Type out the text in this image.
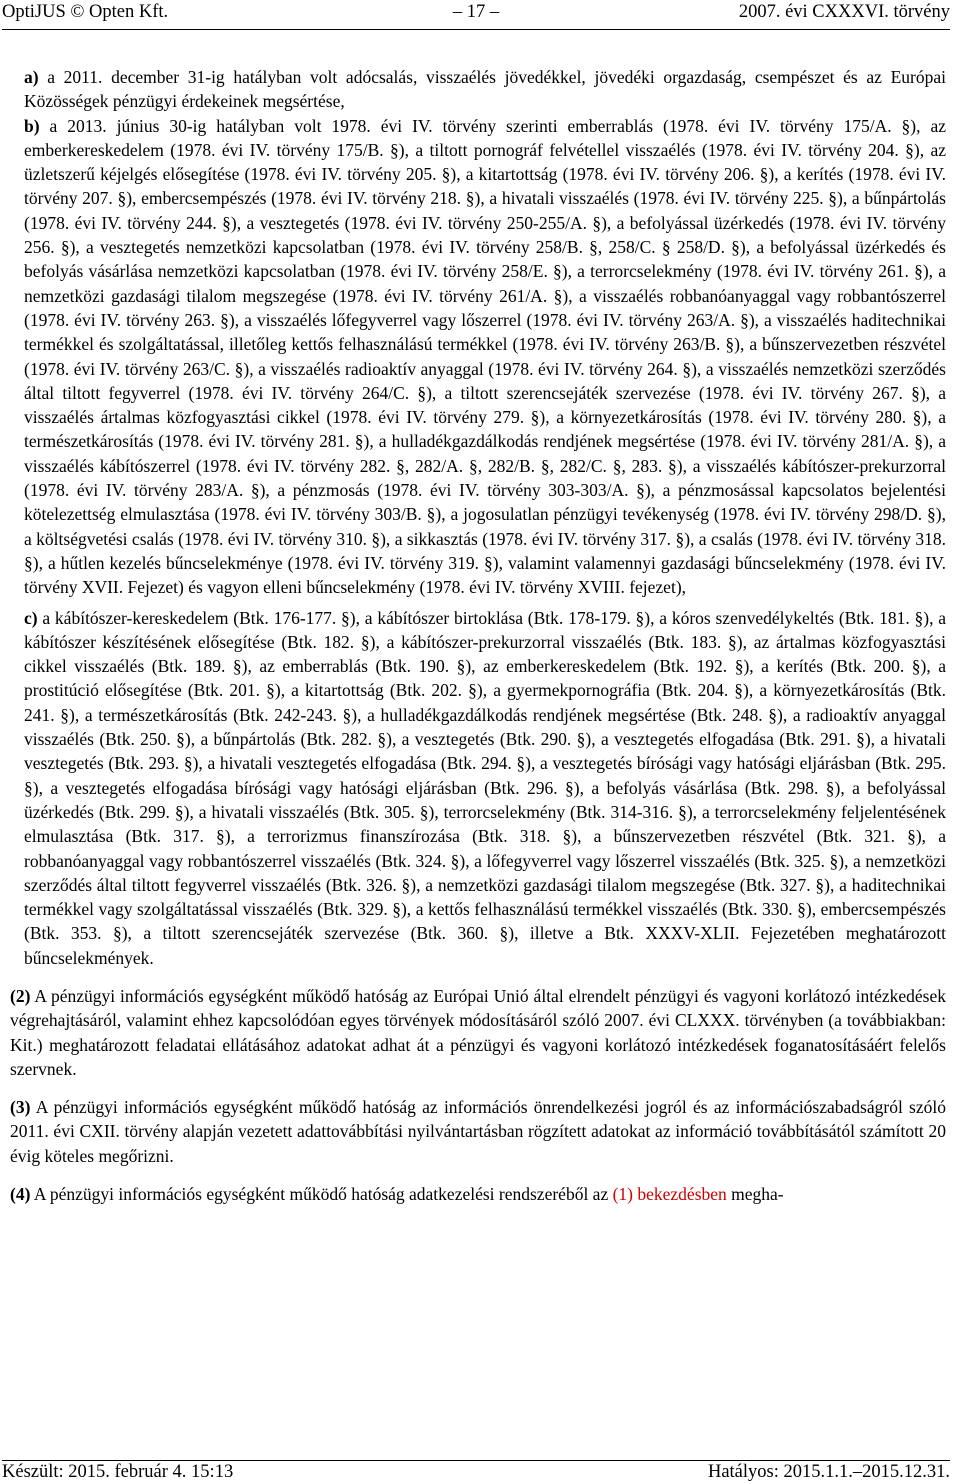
OptiJUS © Opten Kft.	– 17 –	2007. évi CXXXVI. törvény
a) a 2011. december 31-ig hatályban volt adócsalás, visszaélés jövedékkel, jövedéki orgazdaság, csempészet és az Európai Közösségek pénzügyi érdekeinek megsértése,
b) a 2013. június 30-ig hatályban volt 1978. évi IV. törvény szerinti emberrablás (1978. évi IV. törvény 175/A. §), az emberkereskedelem (1978. évi IV. törvény 175/B. §), a tiltott pornográf felvétellel visszaélés (1978. évi IV. törvény 204. §), az üzletszerű kéjelgés elősegítése (1978. évi IV. törvény 205. §), a kitartottság (1978. évi IV. törvény 206. §), a kerítés (1978. évi IV. törvény 207. §), embercsempészés (1978. évi IV. törvény 218. §), a hivatali visszaélés (1978. évi IV. törvény 225. §), a bűnpártolás (1978. évi IV. törvény 244. §), a vesztegetés (1978. évi IV. törvény 250-255/A. §), a befolyással üzérkedés (1978. évi IV. törvény 256. §), a vesztegetés nemzetközi kapcsolatban (1978. évi IV. törvény 258/B. §, 258/C. § 258/D. §), a befolyással üzérkedés és befolyás vásárlása nemzetközi kapcsolatban (1978. évi IV. törvény 258/E. §), a terrorcselekmény (1978. évi IV. törvény 261. §), a nemzetközi gazdasági tilalom megszegése (1978. évi IV. törvény 261/A. §), a visszaélés robbanóanyaggal vagy robbantószerrel (1978. évi IV. törvény 263. §), a visszaélés lőfegyverrel vagy lőszerrel (1978. évi IV. törvény 263/A. §), a visszaélés haditechnikai termékkel és szolgáltatással, illetőleg kettős felhasználású termékkel (1978. évi IV. törvény 263/B. §), a bűnszervezetben részvétel (1978. évi IV. törvény 263/C. §), a visszaélés radioaktív anyaggal (1978. évi IV. törvény 264. §), a visszaélés nemzetközi szerződés által tiltott fegyverrel (1978. évi IV. törvény 264/C. §), a tiltott szerencsejáték szervezése (1978. évi IV. törvény 267. §), a visszaélés ártalmas közfogyasztási cikkel (1978. évi IV. törvény 279. §), a környezetkárosítás (1978. évi IV. törvény 280. §), a természetkárosítás (1978. évi IV. törvény 281. §), a hulladékgazdálkodás rendjének megsértése (1978. évi IV. törvény 281/A. §), a visszaélés kábítószerrel (1978. évi IV. törvény 282. §, 282/A. §, 282/B. §, 282/C. §, 283. §), a visszaélés kábítószer-prekurzorral (1978. évi IV. törvény 283/A. §), a pénzmosás (1978. évi IV. törvény 303-303/A. §), a pénzmosással kapcsolatos bejelentési kötelezettség elmulasztása (1978. évi IV. törvény 303/B. §), a jogosulatlan pénzügyi tevékenység (1978. évi IV. törvény 298/D. §), a költségvetési csalás (1978. évi IV. törvény 310. §), a sikkasztás (1978. évi IV. törvény 317. §), a csalás (1978. évi IV. törvény 318. §), a hűtlen kezelés bűncselekménye (1978. évi IV. törvény 319. §), valamint valamennyi gazdasági bűncselekmény (1978. évi IV. törvény XVII. Fejezet) és vagyon elleni bűncselekmény (1978. évi IV. törvény XVIII. fejezet),
c) a kábítószer-kereskedelem (Btk. 176-177. §), a kábítószer birtoklása (Btk. 178-179. §), a kóros szenvedélykeltés (Btk. 181. §), a kábítószer készítésének elősegítése (Btk. 182. §), a kábítószer-prekurzorral visszaélés (Btk. 183. §), az ártalmas közfogyasztási cikkel visszaélés (Btk. 189. §), az emberrablás (Btk. 190. §), az emberkereskedelem (Btk. 192. §), a kerítés (Btk. 200. §), a prostitúció elősegítése (Btk. 201. §), a kitartottság (Btk. 202. §), a gyermekpornográfia (Btk. 204. §), a környezetkárosítás (Btk. 241. §), a természetkárosítás (Btk. 242-243. §), a hulladékgazdálkodás rendjének megsértése (Btk. 248. §), a radioaktív anyaggal visszaélés (Btk. 250. §), a bűnpártolás (Btk. 282. §), a vesztegetés (Btk. 290. §), a vesztegetés elfogadása (Btk. 291. §), a hivatali vesztegetés (Btk. 293. §), a hivatali vesztegetés elfogadása (Btk. 294. §), a vesztegetés bírósági vagy hatósági eljárásban (Btk. 295. §), a vesztegetés elfogadása bírósági vagy hatósági eljárásban (Btk. 296. §), a befolyás vásárlása (Btk. 298. §), a befolyással üzérkedés (Btk. 299. §), a hivatali visszaélés (Btk. 305. §), terrorcselekmény (Btk. 314-316. §), a terrorcselekmény feljelentésének elmulasztása (Btk. 317. §), a terrorizmus finanszírozása (Btk. 318. §), a bűnszervezetben részvétel (Btk. 321. §), a robbanóanyaggal vagy robbantószerrel visszaélés (Btk. 324. §), a lőfegyverrel vagy lőszerrel visszaélés (Btk. 325. §), a nemzetközi szerződés által tiltott fegyverrel visszaélés (Btk. 326. §), a nemzetközi gazdasági tilalom megszegése (Btk. 327. §), a haditechnikai termékkel vagy szolgáltatással visszaélés (Btk. 329. §), a kettős felhasználású termékkel visszaélés (Btk. 330. §), embercsempészés (Btk. 353. §), a tiltott szerencsejáték szervezése (Btk. 360. §), illetve a Btk. XXXV-XLII. Fejezetében meghatározott bűncselekmények.
(2) A pénzügyi információs egységként működő hatóság az Európai Unió által elrendelt pénzügyi és vagyoni korlátozó intézkedések végrehajtásáról, valamint ehhez kapcsolódóan egyes törvények módosításáról szóló 2007. évi CLXXX. törvényben (a továbbiakban: Kit.) meghatározott feladatai ellátásához adatokat adhat át a pénzügyi és vagyoni korlátozó intézkedések foganatosításáért felelős szervnek.
(3) A pénzügyi információs egységként működő hatóság az információs önrendelkezési jogról és az információszabadságról szóló 2011. évi CXII. törvény alapján vezetett adattovábbítási nyilvántartásban rögzített adatokat az információ továbbításától számított 20 évig köteles megőrizni.
(4) A pénzügyi információs egységként működő hatóság adatkezelési rendszeréből az (1) bekezdésben megha-
Készült: 2015. február 4. 15:13	Hatályos: 2015.1.1.–2015.12.31.
